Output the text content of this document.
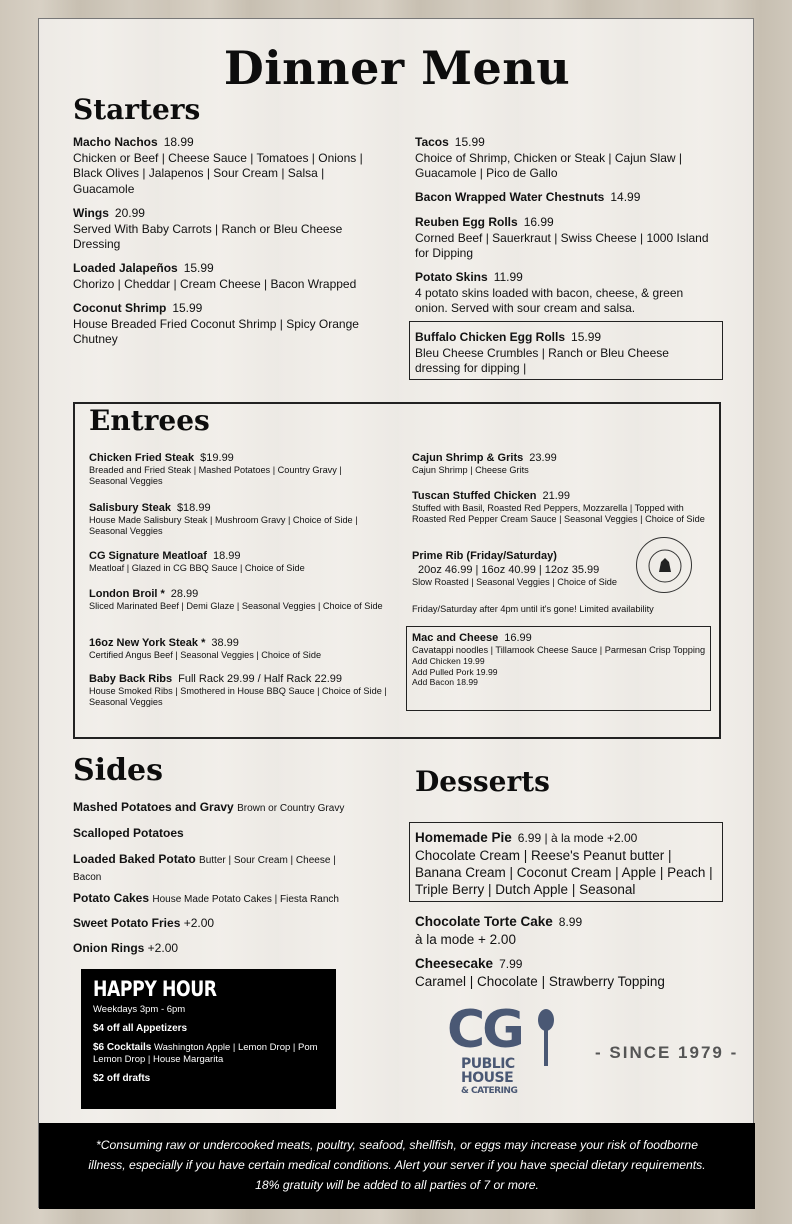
Dinner Menu
Starters
Macho Nachos 18.99
Chicken or Beef | Cheese Sauce | Tomatoes | Onions | Black Olives | Jalapenos | Sour Cream | Salsa | Guacamole
Wings 20.99
Served With Baby Carrots | Ranch or Bleu Cheese Dressing
Loaded Jalapeños 15.99
Chorizo | Cheddar | Cream Cheese | Bacon Wrapped
Coconut Shrimp 15.99
House Breaded Fried Coconut Shrimp | Spicy Orange Chutney
Tacos 15.99
Choice of Shrimp, Chicken or Steak | Cajun Slaw | Guacamole | Pico de Gallo
Bacon Wrapped Water Chestnuts 14.99
Reuben Egg Rolls 16.99
Corned Beef | Sauerkraut | Swiss Cheese | 1000 Island for Dipping
Potato Skins 11.99
4 potato skins loaded with bacon, cheese, & green onion. Served with sour cream and salsa.
Buffalo Chicken Egg Rolls 15.99
Bleu Cheese Crumbles | Ranch or Bleu Cheese dressing for dipping |
Entrees
Chicken Fried Steak $19.99
Breaded and Fried Steak | Mashed Potatoes | Country Gravy | Seasonal Veggies
Salisbury Steak $18.99
House Made Salisbury Steak | Mushroom Gravy | Choice of Side | Seasonal Veggies
CG Signature Meatloaf 18.99
Meatloaf | Glazed in CG BBQ Sauce | Choice of Side
London Broil * 28.99
Sliced Marinated Beef | Demi Glaze | Seasonal Veggies | Choice of Side
16oz New York Steak * 38.99
Certified Angus Beef | Seasonal Veggies | Choice of Side
Baby Back Ribs Full Rack 29.99 / Half Rack 22.99
House Smoked Ribs | Smothered in House BBQ Sauce | Choice of Side | Seasonal Veggies
Cajun Shrimp & Grits 23.99
Cajun Shrimp | Cheese Grits
Tuscan Stuffed Chicken 21.99
Stuffed with Basil, Roasted Red Peppers, Mozzarella | Topped with Roasted Red Pepper Cream Sauce | Seasonal Veggies | Choice of Side
Prime Rib (Friday/Saturday)
20oz 46.99 | 16oz 40.99 | 12oz 35.99
Slow Roasted | Seasonal Veggies | Choice of Side
Friday/Saturday after 4pm until it's gone! Limited availability
Mac and Cheese 16.99
Cavatappi noodles | Tillamook Cheese Sauce | Parmesan Crisp Topping
Add Chicken 19.99
Add Pulled Pork 19.99
Add Bacon 18.99
Sides
Mashed Potatoes and Gravy Brown or Country Gravy
Scalloped Potatoes
Loaded Baked Potato Butter | Sour Cream | Cheese | Bacon
Potato Cakes House Made Potato Cakes | Fiesta Ranch
Sweet Potato Fries +2.00
Onion Rings +2.00
HAPPY HOUR

Weekdays 3pm - 6pm

$4 off all Appetizers

$6 Cocktails Washington Apple | Lemon Drop | Pom Lemon Drop | House Margarita

$2 off drafts

Desserts
Homemade Pie 6.99 | à la mode +2.00
Chocolate Cream | Reese's Peanut butter | Banana Cream | Coconut Cream | Apple | Peach | Triple Berry | Dutch Apple | Seasonal
Chocolate Torte Cake 8.99
à la mode + 2.00
Cheesecake 7.99
Caramel | Chocolate | Strawberry Topping
CG
PUBLIC
HOUSE
& CATERING
- SINCE 1979 -
*Consuming raw or undercooked meats, poultry, seafood, shellfish, or eggs may increase your risk of foodborne illness, especially if you have certain medical conditions. Alert your server if you have special dietary requirements. 18% gratuity will be added to all parties of 7 or more.
